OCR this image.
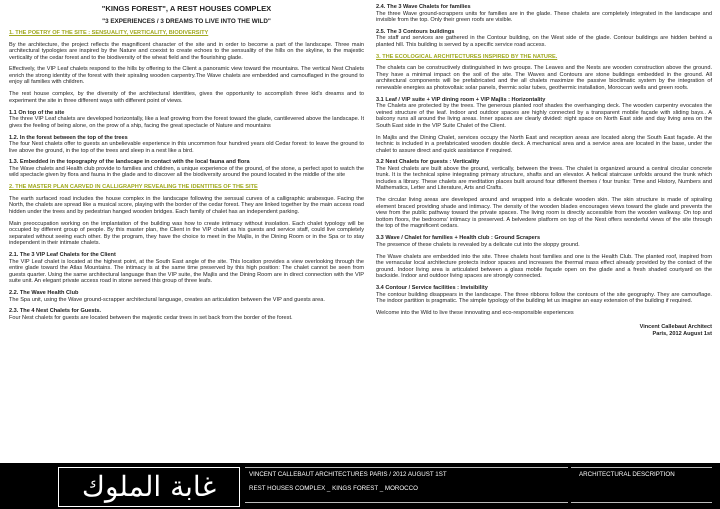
"KINGS FOREST", A REST HOUSES COMPLEX
"3 EXPERIENCES / 3 DREAMS TO LIVE INTO THE WILD"
1. THE POETRY OF THE SITE : SENSUALITY, VERTICALITY, BIODIVERSITY

By the architecture, the project reflects the magnificent character of the site and in order to become a part of the landscape. Three main architectural typologies are inspired by the Nature and coexist to create echoes to the sensuality of the hills on the skyline, to the majestic verticality of the cedar forest and to the biodiversity of the wheat field and the flourishing glade.

Effectively, the VIP Leaf chalets respond to the hills by offering to the Client a panoramic view toward the mountains. The vertical Nest Chalets enrich the strong identity of the forest with their spiraling wooden carpentry.The Wave chalets are embedded and camouflaged in the ground to enjoy all families with children.

The rest house complex, by the diversity of the architectural identities, gives the opportunity to accomplish three kid's dreams and to experiment the site in three different ways with different point of views.

1.1 On top of the site

The three VIP Leaf chalets are developed horizontally, like a leaf growing from the forest toward the glade, cantilevered above the landscape. It gives the feeling of being alone, on the prow of a ship, facing the great spectacle of Nature and mountains

1.2. In the forest between the top of the trees

The four Nest chalets offer to guests an unbelievable experience in this uncommon four hundred years old Cedar forest: to leave the ground to live above the ground, in the top of the trees and sleep in a nest like a bird.

1.3. Embedded in the topography of the landscape in contact with the local fauna and flora

The Wave chalets and Health club provide to families and children, a unique experience of the ground, of the stone, a perfect spot to watch the wild spectacle given by flora and fauna in the glade and to discover all the biodiversity around the pound located in the middle of the site

2. THE MASTER PLAN CARVED IN CALLIGRAPHY REVEALING THE IDENTITIES OF THE SITE

The earth surfaced road includes the house complex in the landscape following the sensual curves of a calligraphic arabesque. Facing the North, the chalets are spread like a musical score, playing with the border of the cedar forest. They are linked together by the main access road hidden under the trees and by pedestrian hanged wooden bridges. Each family of chalet has an independent parking.

Main preoccupation working on the implantation of the building was how to create intimacy without insolation. Each chalet typology will be occupied by different group of people. By this master plan, the Client in the VIP chalet as his guests and service staff, could live completely separated without seeing each other. By the program, they have the choice to meet in the Majlis, in the Dining Room or in the Spa or to stay independent in their intimate chalets.

2.1. The 3 VIP Leaf Chalets for the Client

The VIP Leaf chalet is located at the highest point, at the South East angle of the site. This location provides a view overlooking through the entire glade toward the Atlas Mountains. The intimacy is at the same time preserved by this high position: The chalet cannot be seen from guests quarter. Using the same architectural language than the VIP suite, the Majlis and the Dining Room are in direct connection with the VIP suite unit. An elegant private access road in stone served this group of three leafs.

2.2. The Wave Health Club

The Spa unit, using the Wave ground-scrapper architectural language, creates an articulation between the VIP and guests area.

2.3. The 4 Nest Chalets for Guests.

Four Nest chalets for guests are located between the majestic cedar trees in set back from the border of the forest.

2.4. The 3 Wave Chalets for families

The three Wave ground-scrappers units for families are in the glade. These chalets are completely integrated in the landscape and invisible from the top. Only their green roofs are visible.

2.5. The 3 Contours buildings

The staff and services are gathered in the Contour building, on the West side of the glade. Contour buildings are hidden behind a planted hill. This building is served by a specific service road access.

3. THE ECOLOGICAL ARCHITECTURES INSPIRED BY THE NATURE.

The chalets can be constructively distinguished in two groups. The Leaves and the Nests are wooden construction above the ground. They have a minimal impact on the soil of the site. The Waves and Contours are stone buildings embedded in the ground. All architectural components will be prefabricated and the all chalets maximize the passive bioclimatic system by the integration of renewable energies as photovoltaic solar panels, thermic solar tubes, geothermic installation, Moroccan wells and green roofs.

3.1 Leaf / VIP suite + VIP dining room + VIP Majlis : Horizontality

The Chalets are protected by the trees. The generous planted roof shades the overhanging deck. The wooden carpentry evocates the veined structure of the leaf. Indoor and outdoor spaces are highly connected by a transparent mobile façade with sliding bays.. A balcony runs all around the living areas. Inner spaces are clearly divided: night space on North East side and day living area on the South East side in the VIP Suite Chalet of the Client.

In Majlis and the Dining Chalet, services occupy the North East and reception areas are located along the South East façade. At the technic is included in a prefabricated wooden double deck. A mechanical area and a service area are located in the base, under the chalet to assure direct and quick assistance if required.

3.2 Nest Chalets for guests : Verticality

The Nest chalets are built above the ground, vertically, between the trees. The chalet is organized around a central circular concrete trunk. It is the technical spine integrating primary structure, shafts and an elevator. A helical staircase unfolds around the trunk which includes a library. These chalets are meditation places built around four different themes / four trunks: Time and History, Numbers and Mathematics, Letter and Literature, Arts and Crafts.

The circular living areas are developed around and wrapped into a delicate wooden skin. The skin structure is made of spiraling element braced providing shade and intimacy. The density of the wooden blades encourages views toward the glade and prevents the view from the public pathway toward the private spaces. The living room is directly accessible from the wooden walkway. On top and bottom floors, the bedrooms' intimacy is preserved. A belvedere platform on top of the Nest offers wonderful views of the site through the top of the magnificent cedars.

3.3 Wave / Chalet for families + Health club : Ground Scrapers

The presence of these chalets is revealed by a delicate cut into the sloppy ground.

The Wave chalets are embedded into the site. Three chalets host families and one is the Health Club. The planted roof, inspired from the vernacular local architecture protects indoor spaces and increases the thermal mass effect already provided by the contact of the ground. Indoor living area is articulated between a glass mobile façade open on the glade and a fresh shaded courtyard on the backside. Indoor and outdoor living spaces are strongly connected.

3.4 Contour / Service facilities : Invisibility

The contour building disappears in the landscape. The three ribbons follow the contours of the site geography. They are camouflage. The indoor partition is pragmatic. The simple typology of the building let us imagine an easy extension of the building if required.

Welcome into the Wild to live these innovating and eco-responsible experiences

Vincent Callebaut Architect
Paris, 2012 August 1st
غابة الملوك	VINCENT CALLEBAUT ARCHITECTURES PARIS / 2012 AUGUST 1ST
REST HOUSES COMPLEX _ KINGS FOREST _ MOROCCO
ARCHITECTURAL DESCRIPTION
